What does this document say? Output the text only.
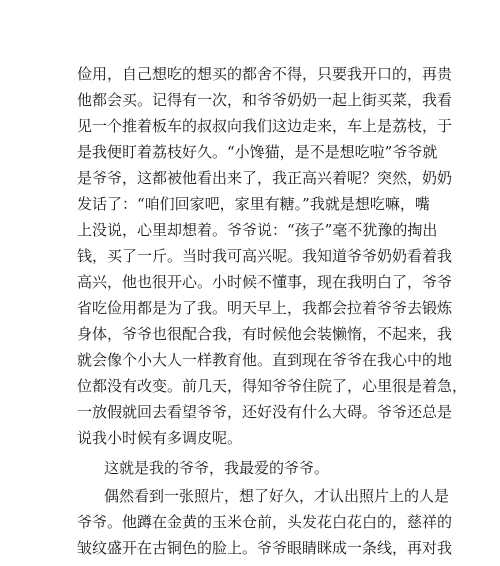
俭用，自己想吃的想买的都舍不得，只要我开口的，再贵
他都会买。记得有一次，和爷爷奶奶一起上街买菜，我看
见一个推着板车的叔叔向我们这边走来，车上是荔枝，于
是我便盯着荔枝好久。“小馋猫，是不是想吃啦”爷爷就
是爷爷，这都被他看出来了，我正高兴着呢？突然，奶奶
发话了：“咱们回家吧，家里有糖。”我就是想吃嘛，嘴
上没说，心里却想着。爷爷说：“孩子”毫不犹豫的掏出
钱，买了一斤。当时我可高兴呢。我知道爷爷奶奶看着我
高兴，他也很开心。小时候不懂事，现在我明白了，爷爷
省吃俭用都是为了我。明天早上，我都会拉着爷爷去锻炼
身体，爷爷也很配合我，有时候他会装懒惰，不起来，我
就会像个小大人一样教育他。直到现在爷爷在我心中的地
位都没有改变。前几天，得知爷爷住院了，心里很是着急，
一放假就回去看望爷爷，还好没有什么大碍。爷爷还总是
说我小时候有多调皮呢。
这就是我的爷爷，我最爱的爷爷。
偶然看到一张照片，想了好久，才认出照片上的人是
爷爷。他蹲在金黄的玉米仓前，头发花白花白的，慈祥的
皱纹盛开在古铜色的脸上。爷爷眼睛眯成一条线，再对我
